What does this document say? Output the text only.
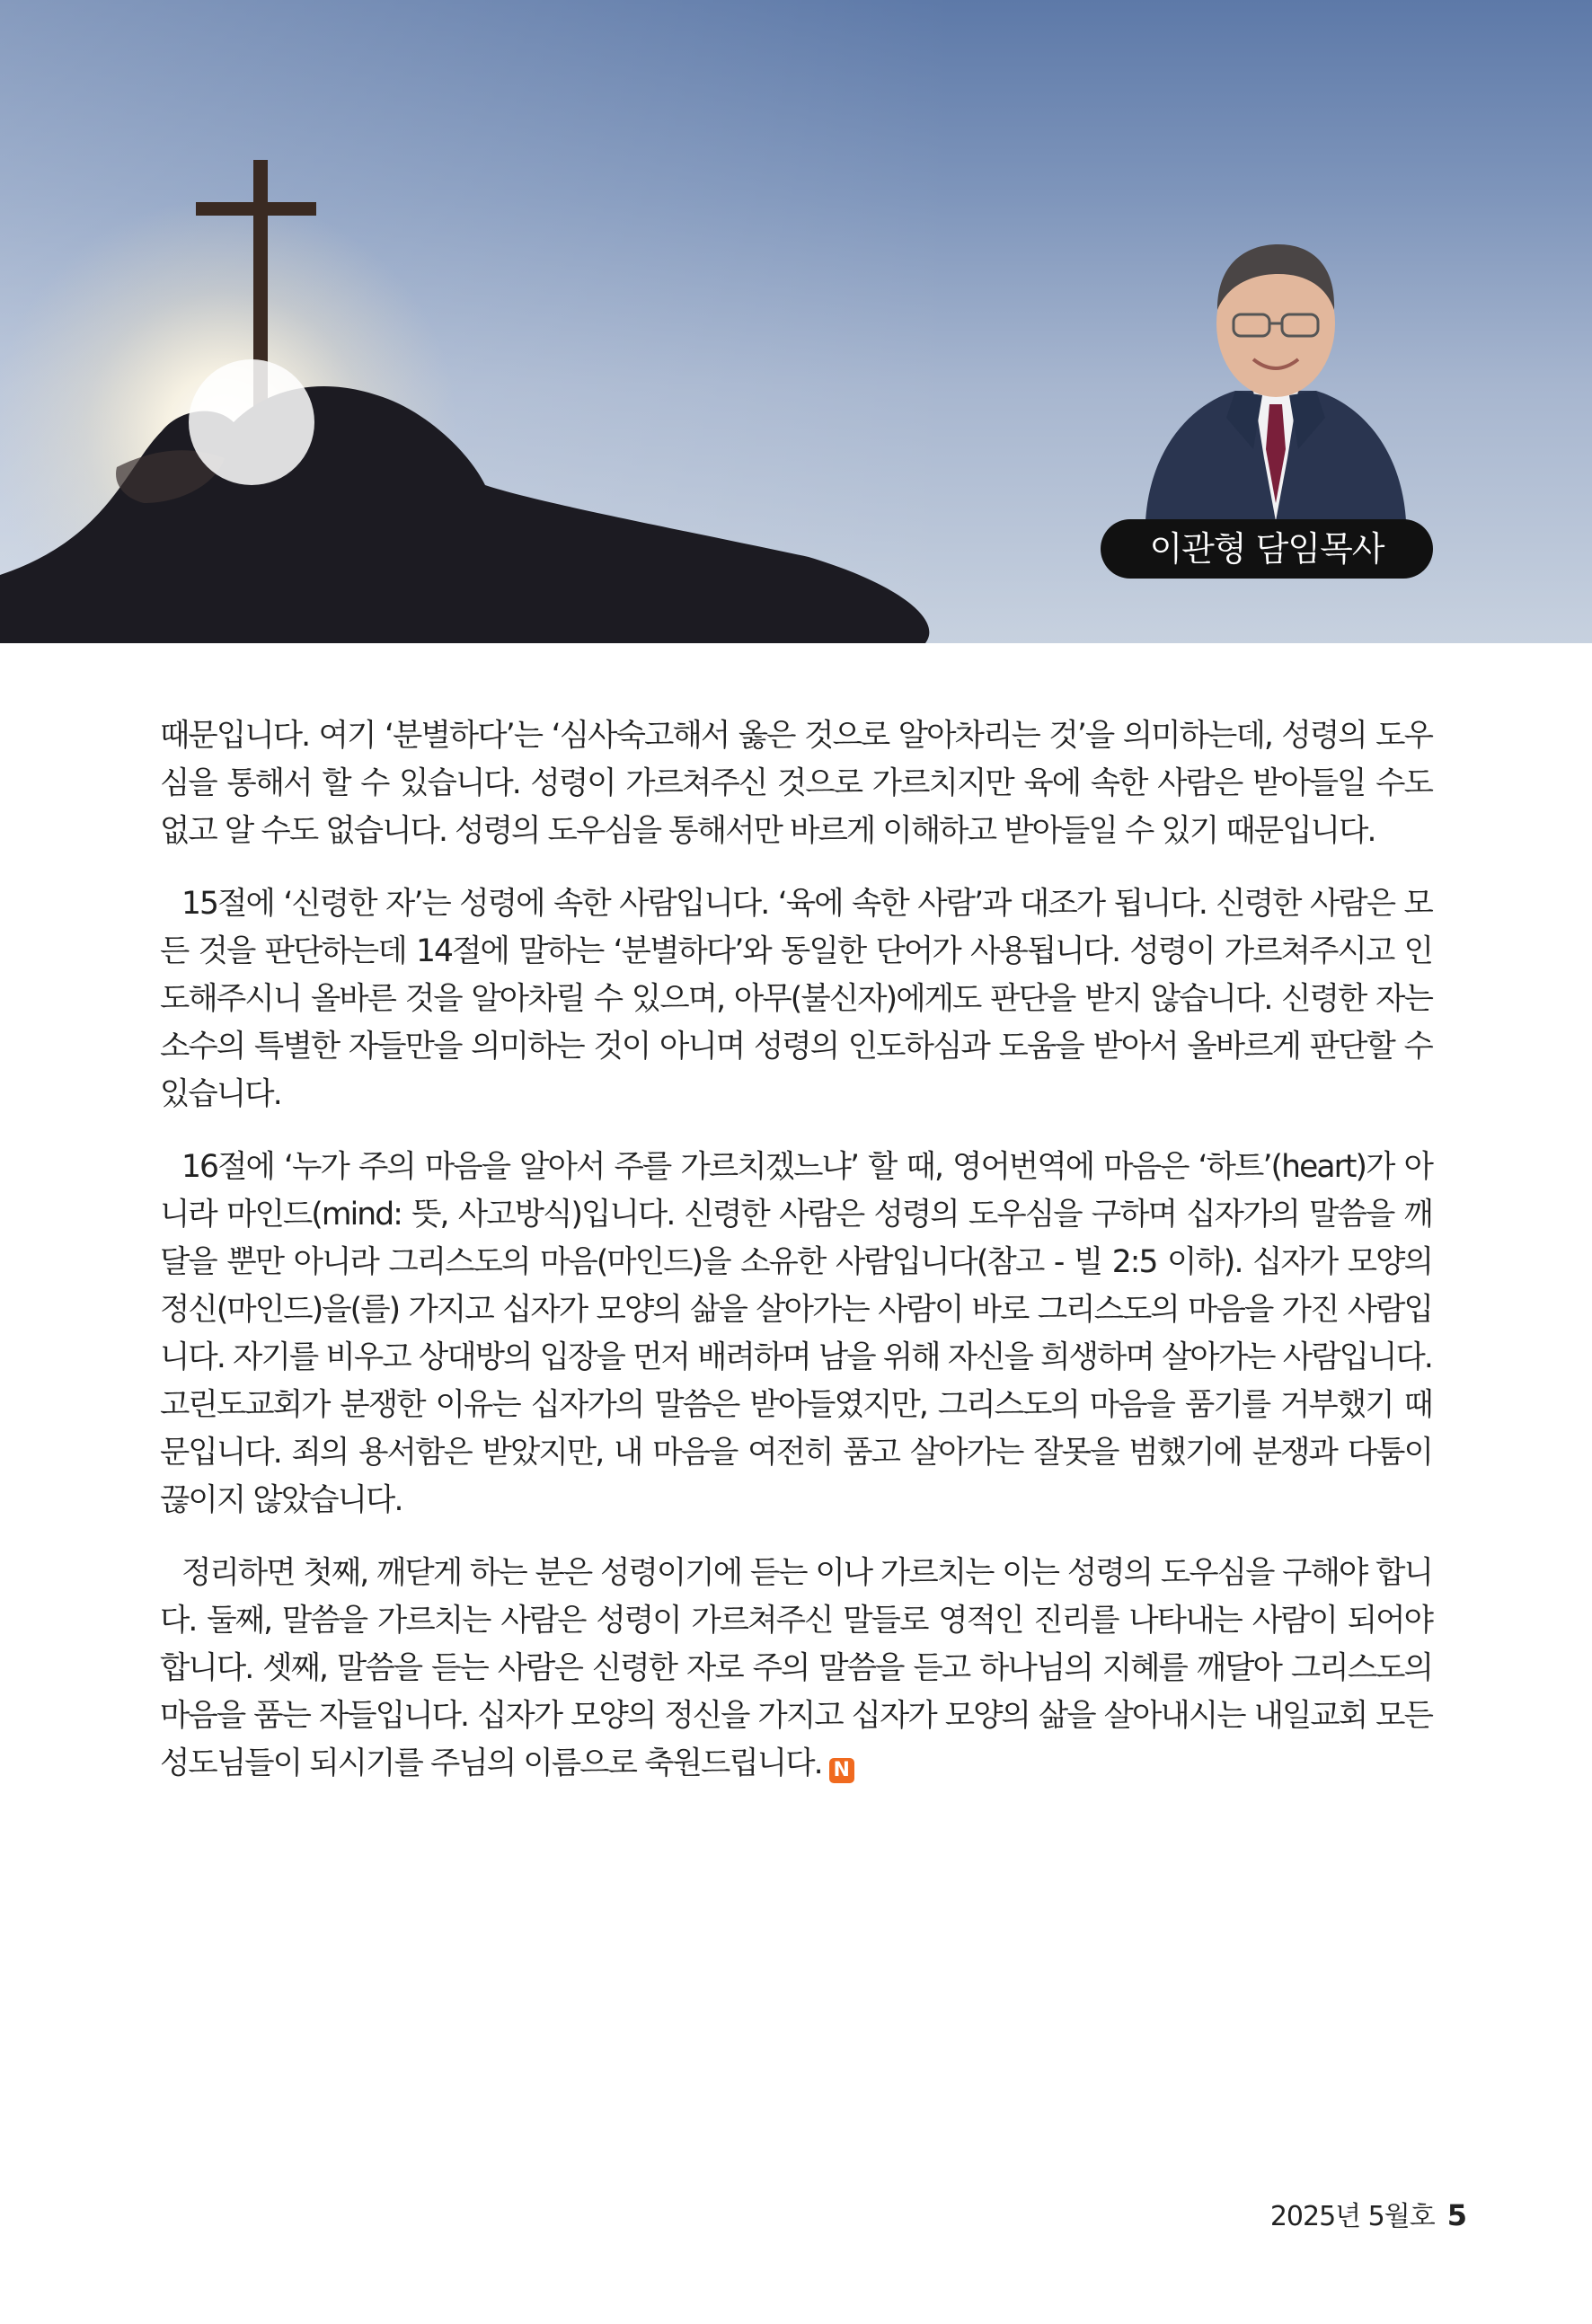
이관형 담임목사

때문입니다. 여기 ‘분별하다’는 ‘심사숙고해서 옳은 것으로 알아차리는 것’을 의미하는데, 성령의 도우심을 통해서 할 수 있습니다. 성령이 가르쳐주신 것으로 가르치지만 육에 속한 사람은 받아들일 수도 없고 알 수도 없습니다. 성령의 도우심을 통해서만 바르게 이해하고 받아들일 수 있기 때문입니다.

15절에 ‘신령한 자’는 성령에 속한 사람입니다. ‘육에 속한 사람’과 대조가 됩니다. 신령한 사람은 모든 것을 판단하는데 14절에 말하는 ‘분별하다’와 동일한 단어가 사용됩니다. 성령이 가르쳐주시고 인도해주시니 올바른 것을 알아차릴 수 있으며, 아무(불신자)에게도 판단을 받지 않습니다. 신령한 자는 소수의 특별한 자들만을 의미하는 것이 아니며 성령의 인도하심과 도움을 받아서 올바르게 판단할 수 있습니다.

16절에 ‘누가 주의 마음을 알아서 주를 가르치겠느냐’ 할 때, 영어번역에 마음은 ‘하트’(heart)가 아니라 마인드(mind: 뜻, 사고방식)입니다. 신령한 사람은 성령의 도우심을 구하며 십자가의 말씀을 깨달을 뿐만 아니라 그리스도의 마음(마인드)을 소유한 사람입니다(참고 - 빌 2:5 이하). 십자가 모양의 정신(마인드)을(를) 가지고 십자가 모양의 삶을 살아가는 사람이 바로 그리스도의 마음을 가진 사람입니다. 자기를 비우고 상대방의 입장을 먼저 배려하며 남을 위해 자신을 희생하며 살아가는 사람입니다. 고린도교회가 분쟁한 이유는 십자가의 말씀은 받아들였지만, 그리스도의 마음을 품기를 거부했기 때문입니다. 죄의 용서함은 받았지만, 내 마음을 여전히 품고 살아가는 잘못을 범했기에 분쟁과 다툼이 끊이지 않았습니다.

정리하면 첫째, 깨닫게 하는 분은 성령이기에 듣는 이나 가르치는 이는 성령의 도우심을 구해야 합니다. 둘째, 말씀을 가르치는 사람은 성령이 가르쳐주신 말들로 영적인 진리를 나타내는 사람이 되어야 합니다. 셋째, 말씀을 듣는 사람은 신령한 자로 주의 말씀을 듣고 하나님의 지혜를 깨달아 그리스도의 마음을 품는 자들입니다. 십자가 모양의 정신을 가지고 십자가 모양의 삶을 살아내시는 내일교회 모든 성도님들이 되시기를 주님의 이름으로 축원드립니다. N

2025년 5월호 5
